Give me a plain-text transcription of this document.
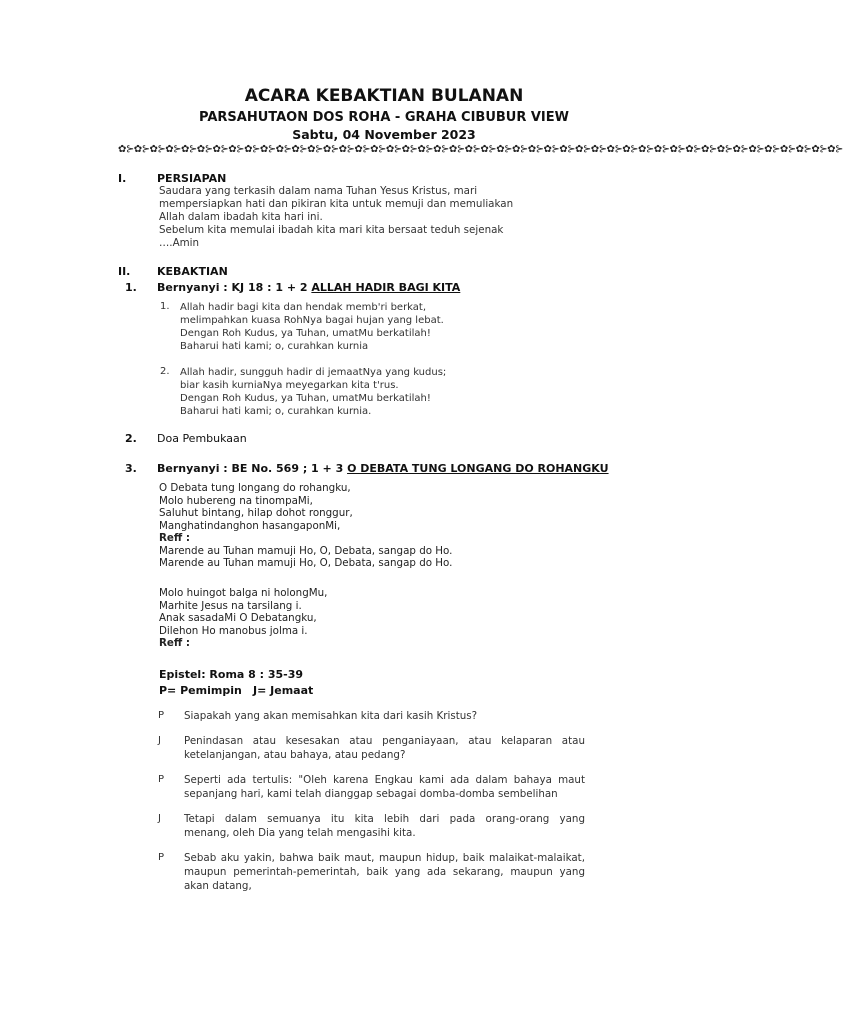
ACARA KEBAKTIAN BULANAN
PARSAHUTAON DOS ROHA - GRAHA CIBUBUR VIEW
Sabtu, 04 November 2023
✿⊱✿⊱✿⊱✿⊱✿⊱✿⊱✿⊱✿⊱✿⊱✿⊱✿⊱✿⊱✿⊱✿⊱✿⊱✿⊱✿⊱✿⊱✿⊱✿⊱✿⊱✿⊱✿⊱✿⊱✿⊱✿⊱✿⊱✿⊱✿⊱✿⊱✿⊱✿⊱✿⊱✿⊱✿⊱✿⊱✿⊱✿⊱✿⊱✿⊱✿⊱✿⊱✿⊱✿⊱✿⊱✿⊱
I.	PERSIAPAN
Saudara yang terkasih dalam nama Tuhan Yesus Kristus, mari
mempersiapkan hati dan pikiran kita untuk memuji dan memuliakan
Allah dalam ibadah kita hari ini.
Sebelum kita memulai ibadah kita mari kita bersaat teduh sejenak
….Amin
II. KEBAKTIAN
1. Bernyanyi : KJ 18 : 1 + 2 ALLAH HADIR BAGI KITA
1. Allah hadir bagi kita dan hendak memb'ri berkat,
melimpahkan kuasa RohNya bagai hujan yang lebat.
Dengan Roh Kudus, ya Tuhan, umatMu berkatilah!
Baharui hati kami; o, curahkan kurnia
2. Allah hadir, sungguh hadir di jemaatNya yang kudus;
biar kasih kurniaNya meyegarkan kita t'rus.
Dengan Roh Kudus, ya Tuhan, umatMu berkatilah!
Baharui hati kami; o, curahkan kurnia.
2. Doa Pembukaan
3. Bernyanyi : BE No. 569 ; 1 + 3 O DEBATA TUNG LONGANG DO ROHANGKU
O Debata tung longang do rohangku,
Molo hubereng na tinompaMi,
Saluhut bintang, hilap dohot ronggur,
Manghatindanghon hasangaponMi,
Reff :
Marende au Tuhan mamuji Ho, O, Debata, sangap do Ho.
Marende au Tuhan mamuji Ho, O, Debata, sangap do Ho.
Molo huingot balga ni holongMu,
Marhite Jesus na tarsilang i.
Anak sasadaMi O Debatangku,
Dilehon Ho manobus jolma i.
Reff :
Epistel: Roma 8 : 35-39
P= Pemimpin J= Jemaat
P Siapakah yang akan memisahkan kita dari kasih Kristus?
J Penindasan atau kesesakan atau penganiayaan, atau kelaparan atau
ketelanjangan, atau bahaya, atau pedang?
P Seperti ada tertulis: "Oleh karena Engkau kami ada dalam bahaya maut
sepanjang hari, kami telah dianggap sebagai domba-domba sembelihan
J Tetapi dalam semuanya itu kita lebih dari pada orang-orang yang
menang, oleh Dia yang telah mengasihi kita.
P Sebab aku yakin, bahwa baik maut, maupun hidup, baik malaikat-malaikat,
maupun pemerintah-pemerintah, baik yang ada sekarang, maupun yang
akan datang,
